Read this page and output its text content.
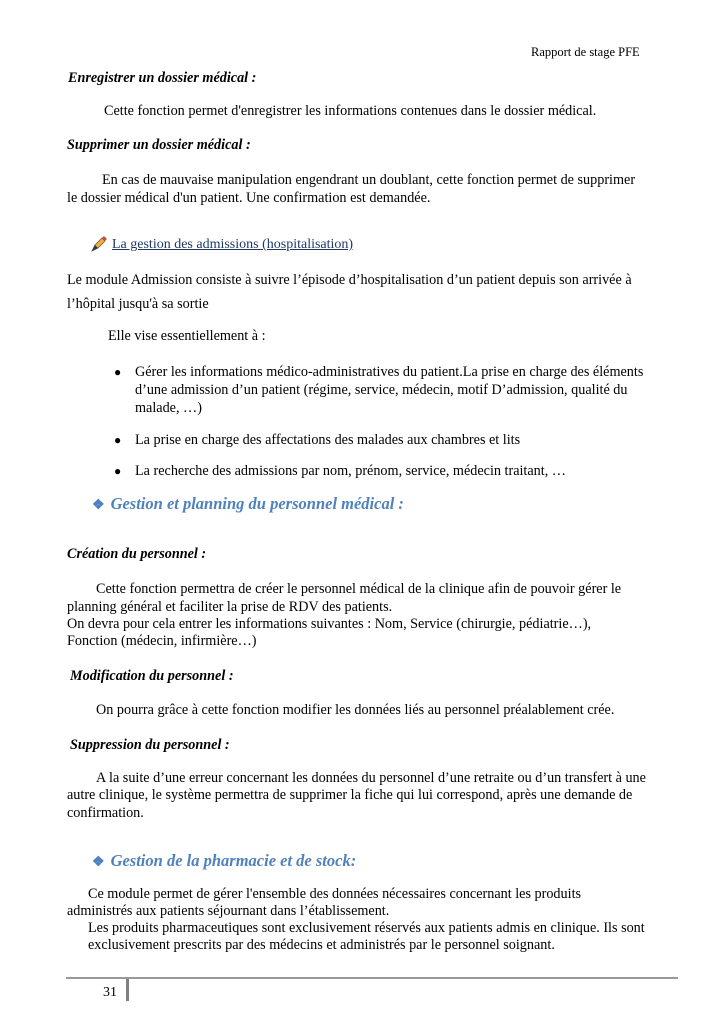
Rapport de stage PFE
Enregistrer un dossier médical :
Cette fonction permet d'enregistrer les informations contenues dans le dossier médical.
Supprimer un dossier médical :
En cas de mauvaise manipulation engendrant un doublant, cette fonction permet de supprimer
le dossier médical d'un patient. Une confirmation est demandée.
La gestion des admissions (hospitalisation)
Le module Admission consiste à suivre l’épisode d’hospitalisation d’un patient depuis son arrivée à
l’hôpital jusqu'à sa sortie
Elle vise essentiellement à :
● Gérer les informations médico-administratives du patient.La prise en charge des éléments
d’une admission d’un patient (régime, service, médecin, motif D’admission, qualité du
malade, …)
● La prise en charge des affectations des malades aux chambres et lits
● La recherche des admissions par nom, prénom, service, médecin traitant, …
❖ Gestion et planning du personnel médical :
Création du personnel :
Cette fonction permettra de créer le personnel médical de la clinique afin de pouvoir gérer le
planning général et faciliter la prise de RDV des patients.
On devra pour cela entrer les informations suivantes : Nom, Service (chirurgie, pédiatrie…),
Fonction (médecin, infirmière…)
Modification du personnel :
On pourra grâce à cette fonction modifier les données liés au personnel préalablement crée.
Suppression du personnel :
A la suite d’une erreur concernant les données du personnel d’une retraite ou d’un transfert à une
autre clinique, le système permettra de supprimer la fiche qui lui correspond, après une demande de
confirmation.
❖ Gestion de la pharmacie et de stock:
Ce module permet de gérer l'ensemble des données nécessaires concernant les produits
administrés aux patients séjournant dans l’établissement.
Les produits pharmaceutiques sont exclusivement réservés aux patients admis en clinique. Ils sont
exclusivement prescrits par des médecins et administrés par le personnel soignant.
31
